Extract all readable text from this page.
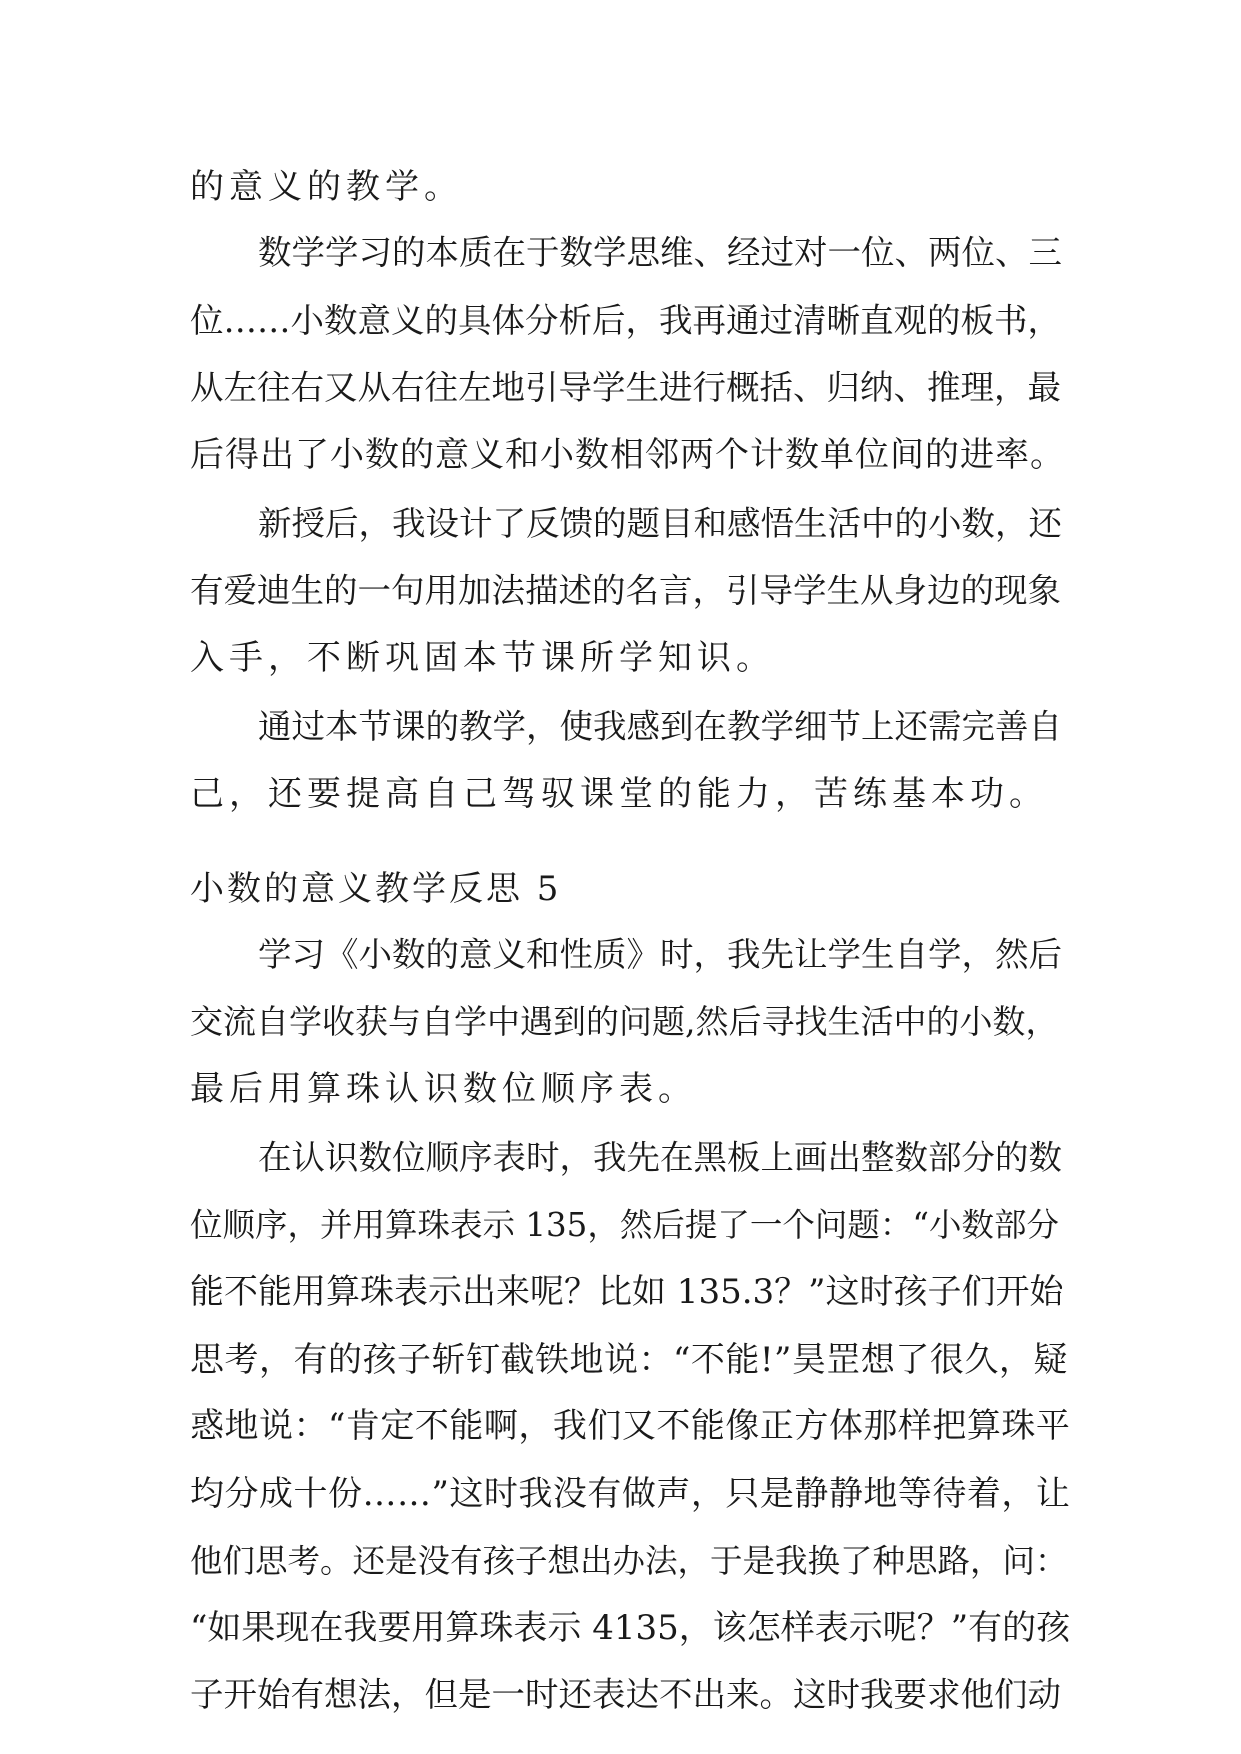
的意义的教学。
数学学习的本质在于数学思维、经过对一位、两位、三
位……小数意义的具体分析后，我再通过清晰直观的板书，
从左往右又从右往左地引导学生进行概括、归纳、推理，最
后得出了小数的意义和小数相邻两个计数单位间的进率。
新授后，我设计了反馈的题目和感悟生活中的小数，还
有爱迪生的一句用加法描述的名言，引导学生从身边的现象
入手，不断巩固本节课所学知识。
通过本节课的教学，使我感到在教学细节上还需完善自
己，还要提高自己驾驭课堂的能力，苦练基本功。
小数的意义教学反思 5
学习《小数的意义和性质》时，我先让学生自学，然后
交流自学收获与自学中遇到的问题,然后寻找生活中的小数，
最后用算珠认识数位顺序表。
在认识数位顺序表时，我先在黑板上画出整数部分的数
位顺序，并用算珠表示 135，然后提了一个问题：“小数部分
能不能用算珠表示出来呢？比如 135.3？”这时孩子们开始
思考，有的孩子斩钉截铁地说：“不能!”昊罡想了很久，疑
惑地说：“肯定不能啊，我们又不能像正方体那样把算珠平
均分成十份……”这时我没有做声，只是静静地等待着，让
他们思考。还是没有孩子想出办法，于是我换了种思路，问：
“如果现在我要用算珠表示 4135，该怎样表示呢？”有的孩
子开始有想法，但是一时还表达不出来。这时我要求他们动
